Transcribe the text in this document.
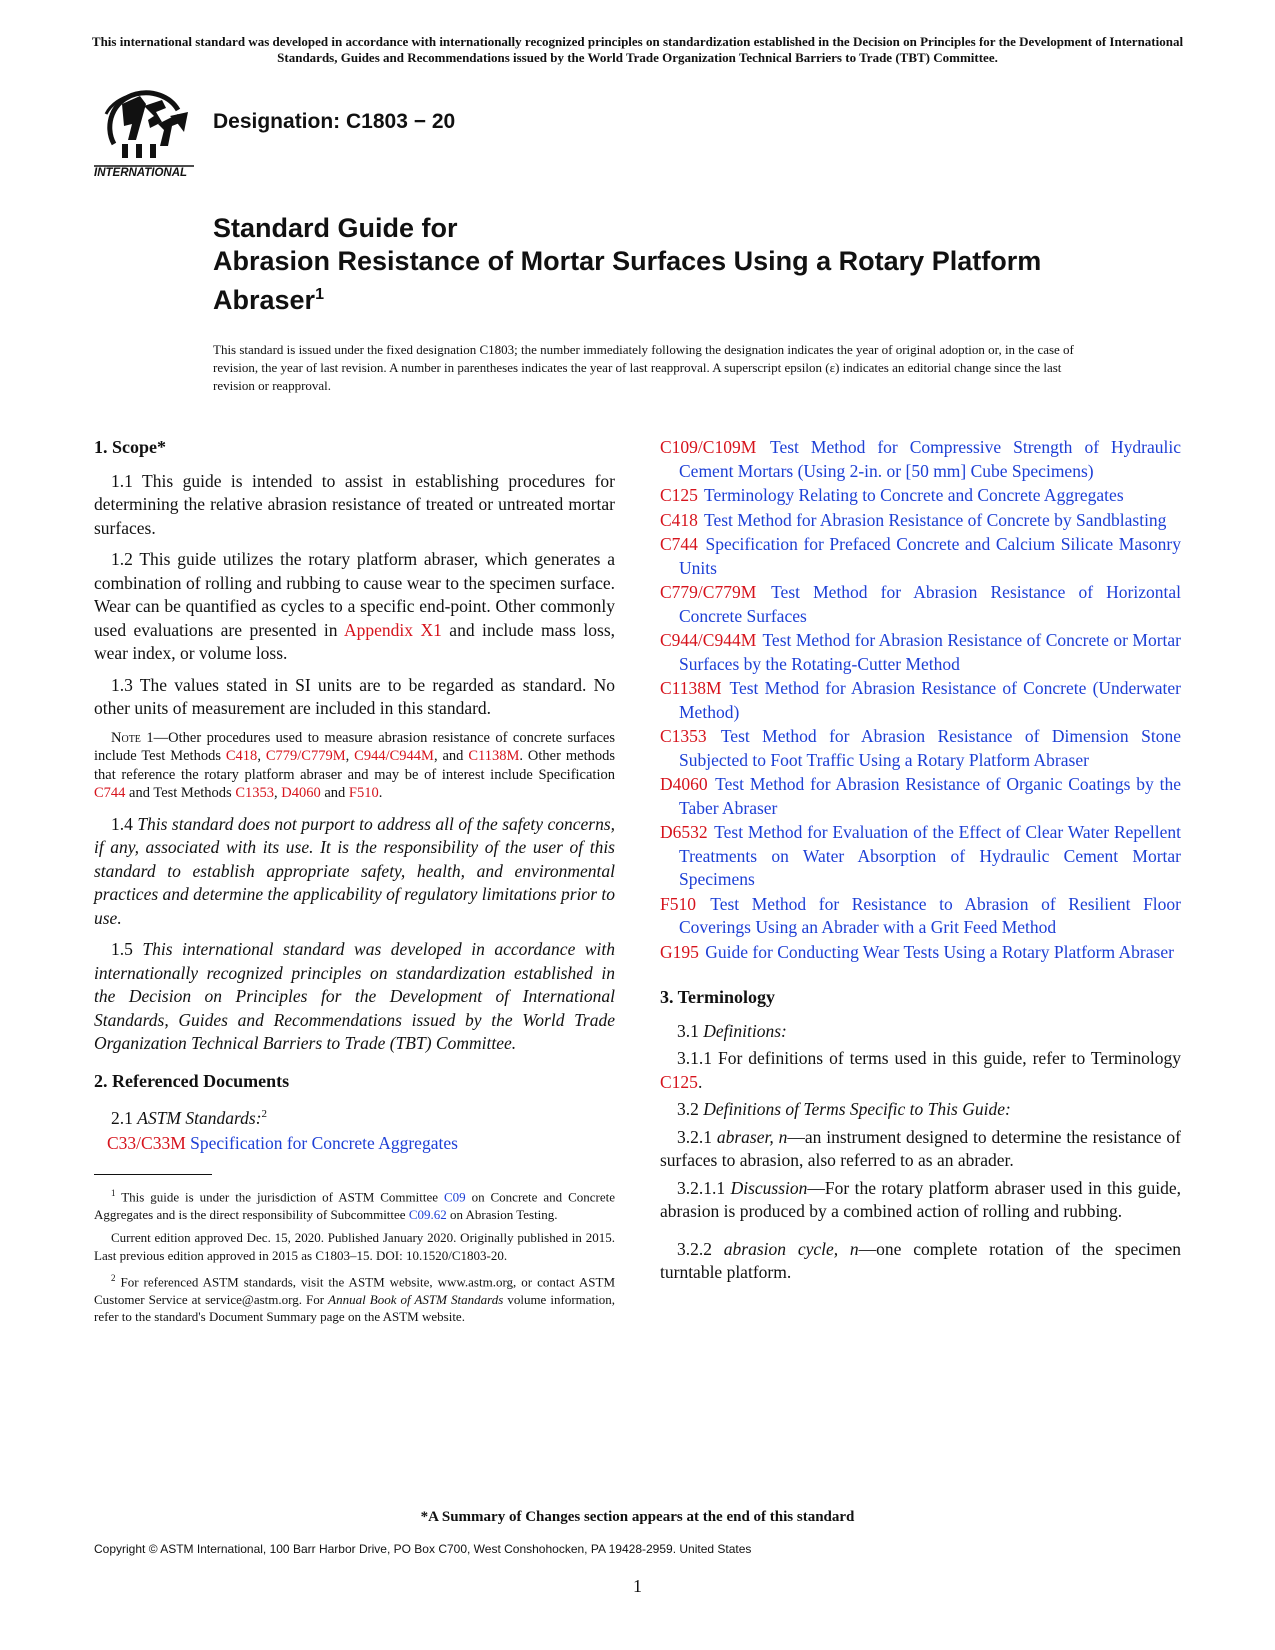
This international standard was developed in accordance with internationally recognized principles on standardization established in the Decision on Principles for the Development of International Standards, Guides and Recommendations issued by the World Trade Organization Technical Barriers to Trade (TBT) Committee.
INTERNATIONAL
Designation: C1803 − 20
Standard Guide for
Abrasion Resistance of Mortar Surfaces Using a Rotary Platform Abraser$^1$
This standard is issued under the fixed designation C1803; the number immediately following the designation indicates the year of original adoption or, in the case of revision, the year of last revision. A number in parentheses indicates the year of last reapproval. A superscript epsilon (ε) indicates an editorial change since the last revision or reapproval.
1. Scope*

1.1 This guide is intended to assist in establishing procedures for determining the relative abrasion resistance of treated or untreated mortar surfaces.

1.2 This guide utilizes the rotary platform abraser, which generates a combination of rolling and rubbing to cause wear to the specimen surface. Wear can be quantified as cycles to a specific end-point. Other commonly used evaluations are presented in Appendix X1 and include mass loss, wear index, or volume loss.

1.3 The values stated in SI units are to be regarded as standard. No other units of measurement are included in this standard.

Note 1—Other procedures used to measure abrasion resistance of concrete surfaces include Test Methods C418, C779/C779M, C944/C944M, and C1138M. Other methods that reference the rotary platform abraser and may be of interest include Specification C744 and Test Methods C1353, D4060 and F510.

1.4 This standard does not purport to address all of the safety concerns, if any, associated with its use. It is the responsibility of the user of this standard to establish appropriate safety, health, and environmental practices and determine the applicability of regulatory limitations prior to use.

1.5 This international standard was developed in accordance with internationally recognized principles on standardization established in the Decision on Principles for the Development of International Standards, Guides and Recommendations issued by the World Trade Organization Technical Barriers to Trade (TBT) Committee.

2. Referenced Documents

2.1 ASTM Standards:$^2$

C33/C33M Specification for Concrete Aggregates

$^1$ This guide is under the jurisdiction of ASTM Committee C09 on Concrete and Concrete Aggregates and is the direct responsibility of Subcommittee C09.62 on Abrasion Testing.

Current edition approved Dec. 15, 2020. Published January 2020. Originally published in 2015. Last previous edition approved in 2015 as C1803–15. DOI: 10.1520/C1803-20.

$^2$ For referenced ASTM standards, visit the ASTM website, www.astm.org, or contact ASTM Customer Service at service@astm.org. For Annual Book of ASTM Standards volume information, refer to the standard's Document Summary page on the ASTM website.

C109/C109M Test Method for Compressive Strength of Hydraulic Cement Mortars (Using 2-in. or [50 mm] Cube Specimens)

C125 Terminology Relating to Concrete and Concrete Aggregates

C418 Test Method for Abrasion Resistance of Concrete by Sandblasting

C744 Specification for Prefaced Concrete and Calcium Silicate Masonry Units

C779/C779M Test Method for Abrasion Resistance of Horizontal Concrete Surfaces

C944/C944M Test Method for Abrasion Resistance of Concrete or Mortar Surfaces by the Rotating-Cutter Method

C1138M Test Method for Abrasion Resistance of Concrete (Underwater Method)

C1353 Test Method for Abrasion Resistance of Dimension Stone Subjected to Foot Traffic Using a Rotary Platform Abraser

D4060 Test Method for Abrasion Resistance of Organic Coatings by the Taber Abraser

D6532 Test Method for Evaluation of the Effect of Clear Water Repellent Treatments on Water Absorption of Hydraulic Cement Mortar Specimens

F510 Test Method for Resistance to Abrasion of Resilient Floor Coverings Using an Abrader with a Grit Feed Method

G195 Guide for Conducting Wear Tests Using a Rotary Platform Abraser

3. Terminology

3.1 Definitions:

3.1.1 For definitions of terms used in this guide, refer to Terminology C125.

3.2 Definitions of Terms Specific to This Guide:

3.2.1 abraser, n—an instrument designed to determine the resistance of surfaces to abrasion, also referred to as an abrader.

3.2.1.1 Discussion—For the rotary platform abraser used in this guide, abrasion is produced by a combined action of rolling and rubbing.

3.2.2 abrasion cycle, n—one complete rotation of the specimen turntable platform.

*A Summary of Changes section appears at the end of this standard
Copyright © ASTM International, 100 Barr Harbor Drive, PO Box C700, West Conshohocken, PA 19428-2959. United States
1
